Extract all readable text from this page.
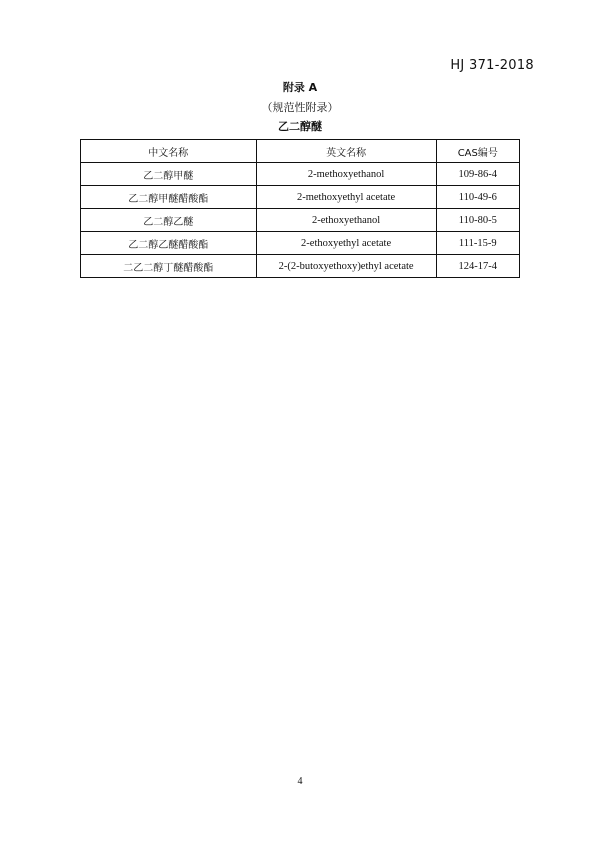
HJ 371-2018
附录 A
（规范性附录）
乙二醇醚
中文名称	英文名称	CAS编号
乙二醇甲醚	2-methoxyethanol	109-86-4
乙二醇甲醚醋酸酯	2-methoxyethyl acetate	110-49-6
乙二醇乙醚	2-ethoxyethanol	110-80-5
乙二醇乙醚醋酸酯	2-ethoxyethyl acetate	111-15-9
二乙二醇丁醚醋酸酯	2-(2-butoxyethoxy)ethyl acetate	124-17-4
4
